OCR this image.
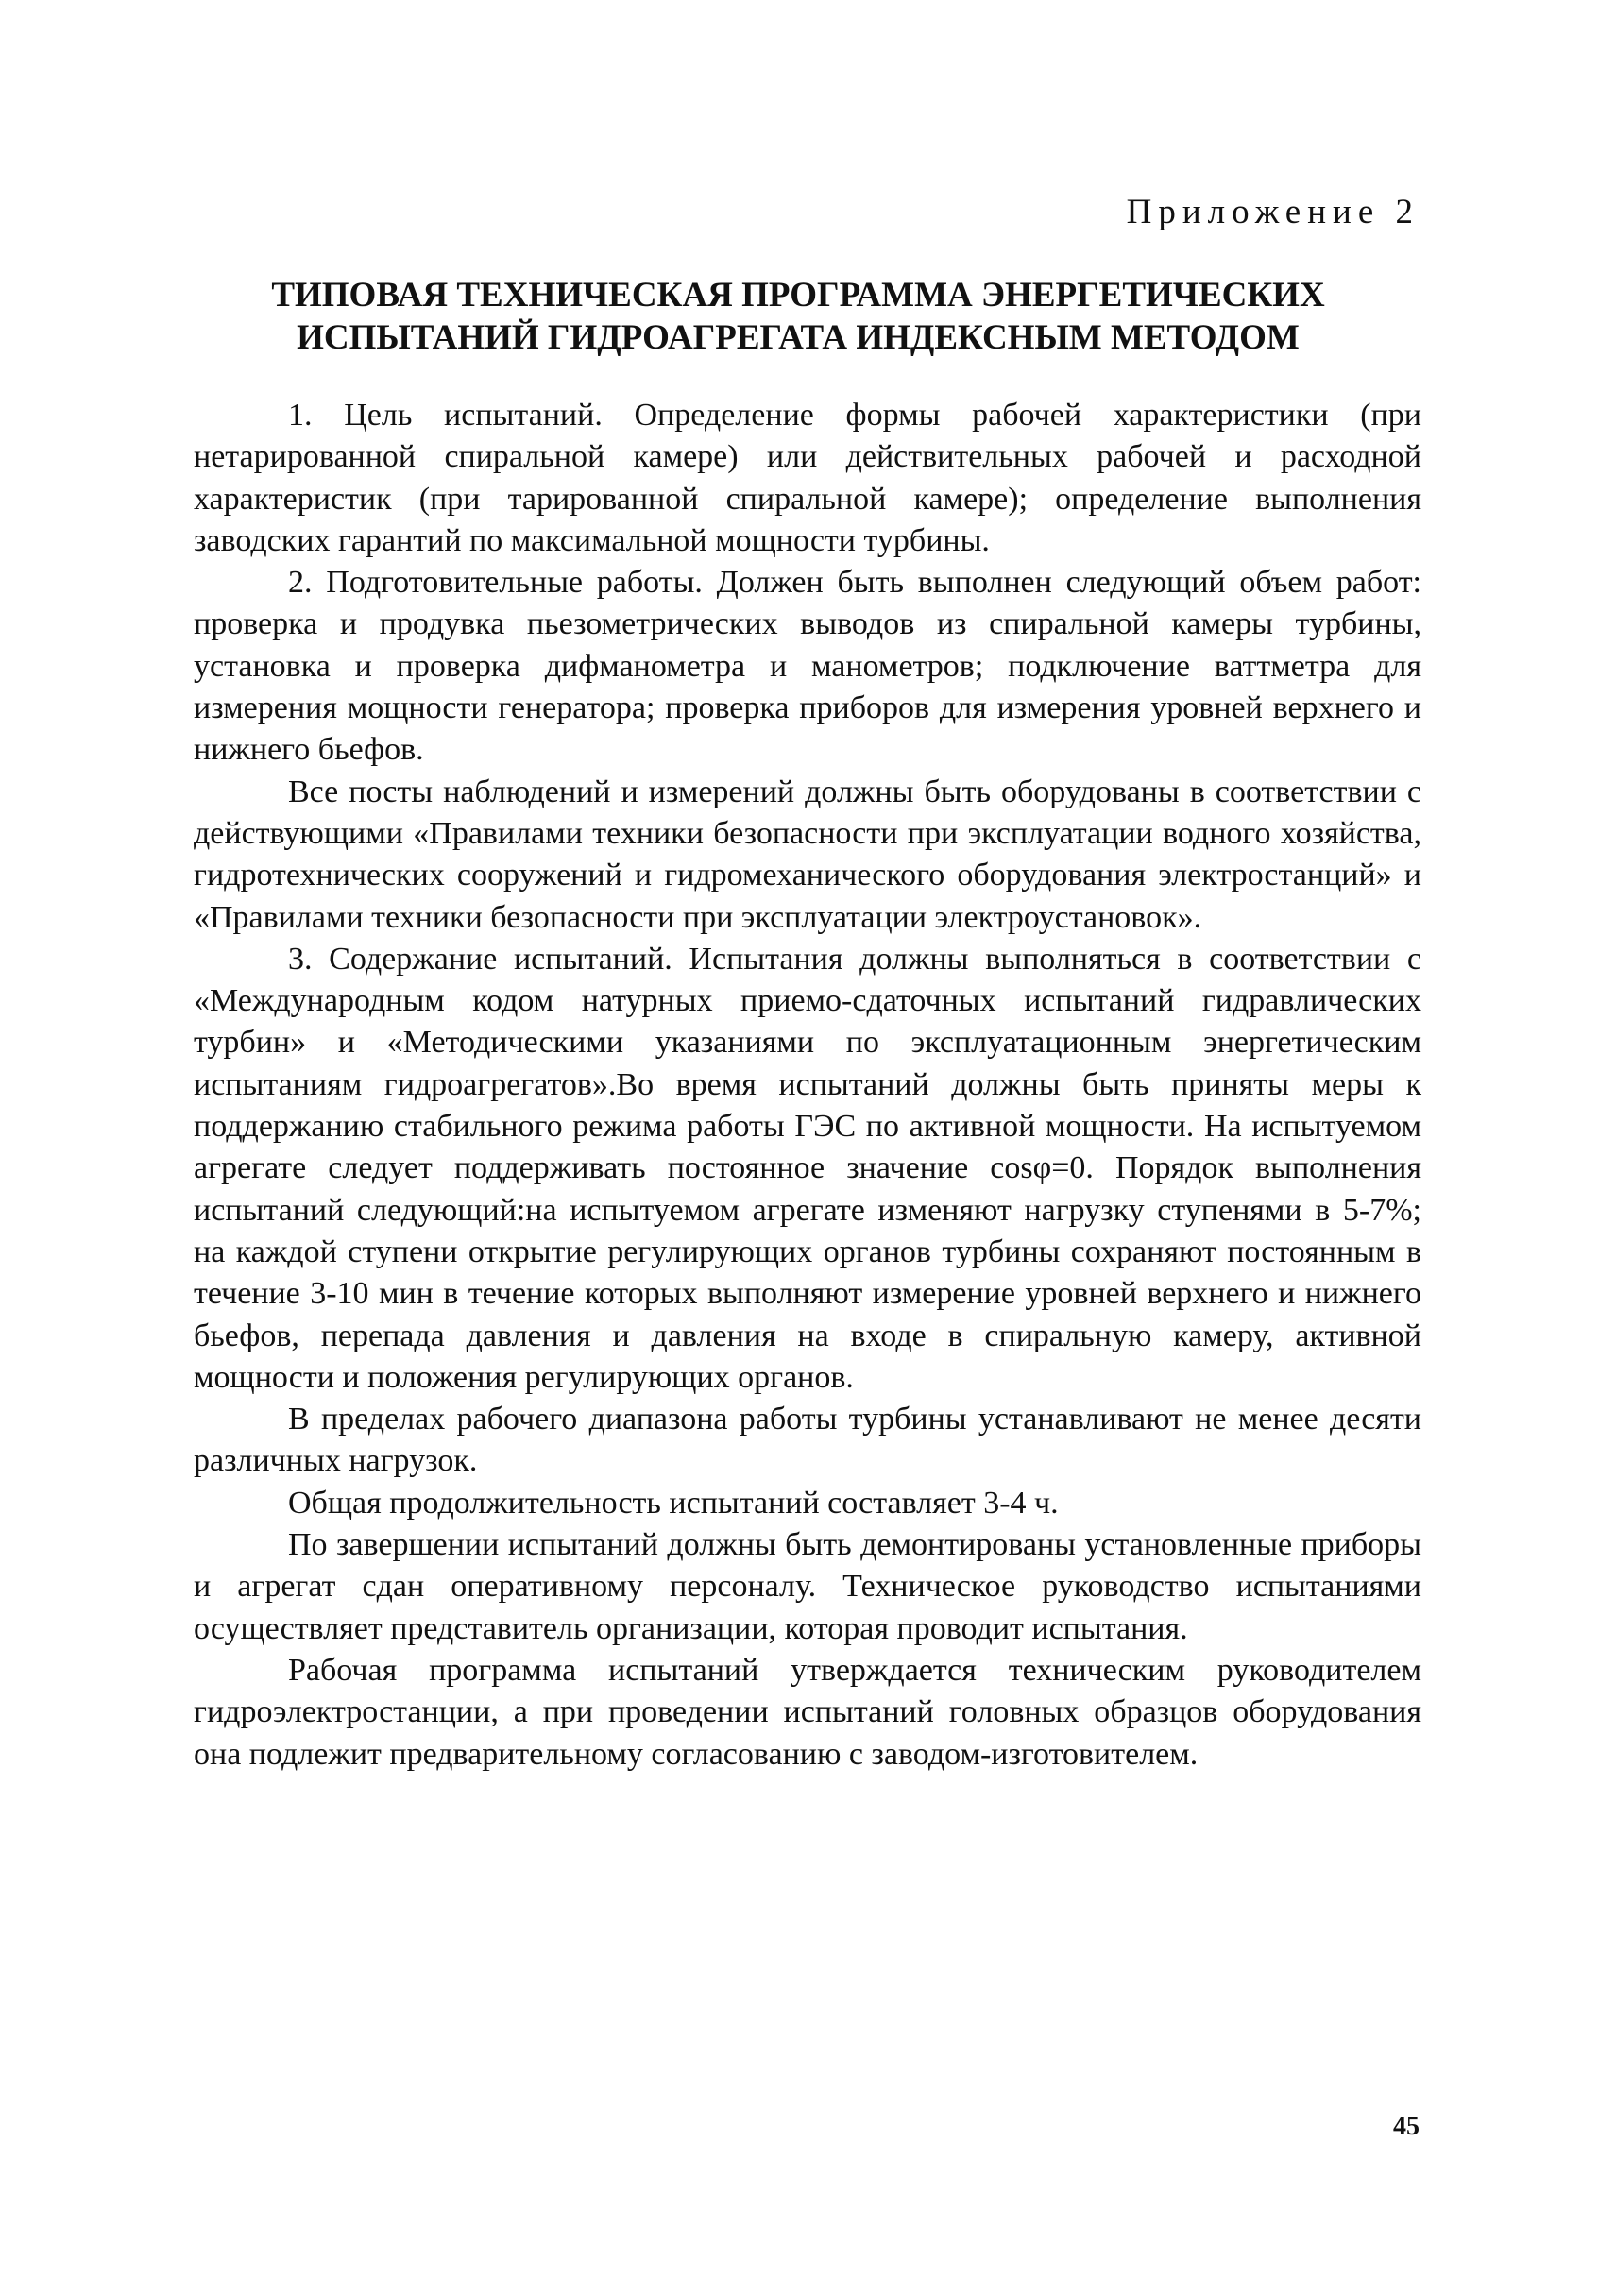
Приложение 2
ТИПОВАЯ ТЕХНИЧЕСКАЯ ПРОГРАММА ЭНЕРГЕТИЧЕСКИХ
ИСПЫТАНИЙ ГИДРОАГРЕГАТА ИНДЕКСНЫМ МЕТОДОМ

1. Цель испытаний. Определение формы рабочей характеристики (при нетарированной спиральной камере) или действительных рабочей и расходной характеристик (при тарированной спиральной камере); определение выполнения заводских гарантий по максимальной мощности турбины.

2. Подготовительные работы. Должен быть выполнен следующий объем работ: проверка и продувка пьезометрических выводов из спиральной камеры турбины, установка и проверка дифманометра и манометров; подключение ваттметра для измерения мощности генератора; проверка приборов для измерения уровней верхнего и нижнего бьефов.

Все посты наблюдений и измерений должны быть оборудованы в соответствии с действующими «Правилами техники безопасности при эксплуатации водного хозяйства, гидротехнических сооружений и гидромеханического оборудования электростанций» и «Правилами техники безопасности при эксплуатации электроустановок».

3. Содержание испытаний. Испытания должны выполняться в соответствии с «Международным кодом натурных приемо-сдаточных испытаний гидравлических турбин» и «Методическими указаниями по эксплуатационным энергетическим испытаниям гидроагрегатов».Во время испытаний должны быть приняты меры к поддержанию стабильного режима работы ГЭС по активной мощности. На испытуемом агрегате следует поддерживать постоянное значение cosφ=0. Порядок выполнения испытаний следующий:на испытуемом агрегате изменяют нагрузку ступенями в 5-7%; на каждой ступени открытие регулирующих органов турбины сохраняют постоянным в течение 3-10 мин в течение которых выполняют измерение уровней верхнего и нижнего бьефов, перепада давления и давления на входе в спиральную камеру, активной мощности и положения регулирующих органов.

В пределах рабочего диапазона работы турбины устанавливают не менее десяти различных нагрузок.

Общая продолжительность испытаний составляет 3-4 ч.

По завершении испытаний должны быть демонтированы установленные приборы и агрегат сдан оперативному персоналу. Техническое руководство испытаниями осуществляет представитель организации, которая проводит испытания.

Рабочая программа испытаний утверждается техническим руководителем гидроэлектростанции, а при проведении испытаний головных образцов оборудования она подлежит предварительному согласованию с заводом-изготовителем.

45
